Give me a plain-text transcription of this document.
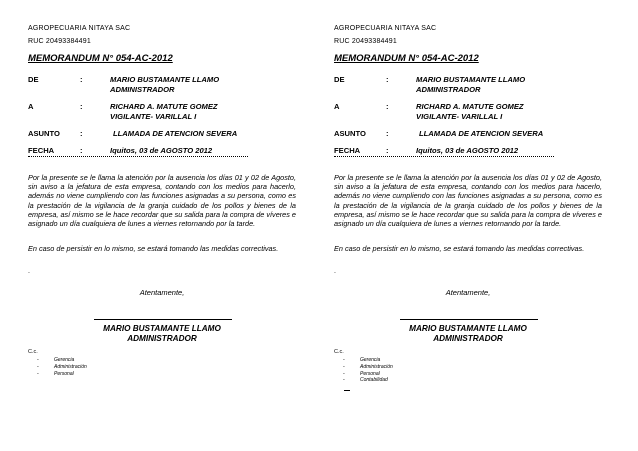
AGROPECUARIA NITAYA SAC
RUC 20493384491
MEMORANDUM N° 054-AC-2012
DE	:	MARIO BUSTAMANTE LLAMO
ADMINISTRADOR
A	:	RICHARD A. MATUTE GOMEZ
VIGILANTE- VARILLAL I
ASUNTO	:	LLAMADA DE ATENCION SEVERA
FECHA	:	Iquitos, 03 de AGOSTO 2012
Por la presente se le llama la atención por la ausencia los días 01 y 02 de Agosto, sin aviso a la jefatura de esta empresa, contando con los medios para hacerlo, además no viene cumpliendo con las funciones asignadas a su persona, como es la prestación de la vigilancia de la granja cuidado de los pollos y bienes de la empresa, así mismo se le hace recordar que su salida para la compra de víveres e asignado un día cualquiera de lunes a viernes retornando por la tarde.
En caso de persistir en lo mismo, se estará tomando las medidas correctivas.
.
Atentamente,
MARIO BUSTAMANTE LLAMO
ADMINISTRADOR
C.c.
- Gerencia
- Administración
- Personal
AGROPECUARIA NITAYA SAC
RUC 20493384491
MEMORANDUM N° 054-AC-2012
DE	:	MARIO BUSTAMANTE LLAMO
ADMINISTRADOR
A	:	RICHARD A. MATUTE GOMEZ
VIGILANTE- VARILLAL I
ASUNTO	:	LLAMADA DE ATENCION SEVERA
FECHA	:	Iquitos, 03 de AGOSTO 2012
Por la presente se le llama la atención por la ausencia los días 01 y 02 de Agosto, sin aviso a la jefatura de esta empresa, contando con los medios para hacerlo, además no viene cumpliendo con las funciones asignadas a su persona, como es la prestación de la vigilancia de la granja cuidado de los pollos y bienes de la empresa, así mismo se le hace recordar que su salida para la compra de víveres e asignado un día cualquiera de lunes a viernes retornando por la tarde.
En caso de persistir en lo mismo, se estará tomando las medidas correctivas.
.
Atentamente,
MARIO BUSTAMANTE LLAMO
ADMINISTRADOR
C.c.
- Gerencia
- Administración
- Personal
- Contabilidad
